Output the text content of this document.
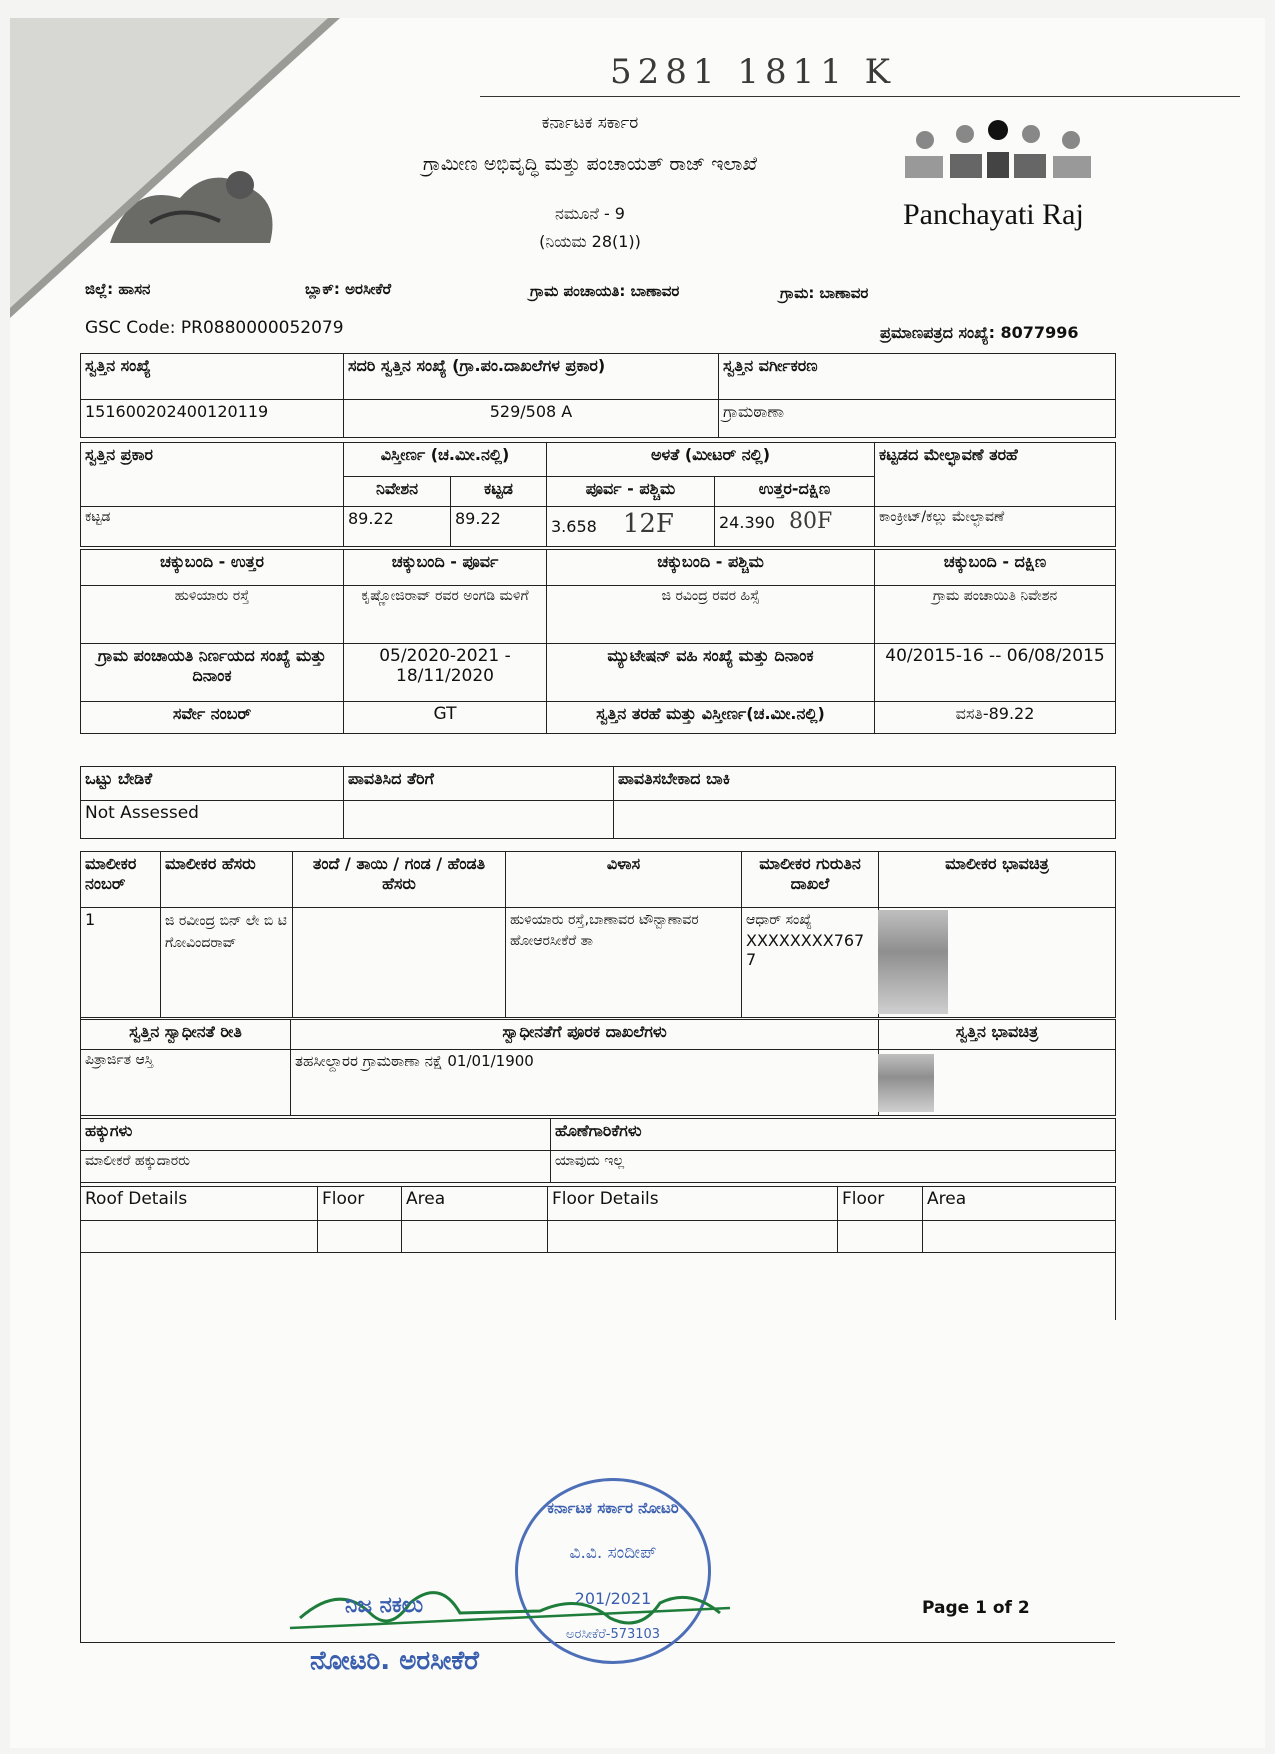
5281 1811 K
ಕರ್ನಾಟಕ ಸರ್ಕಾರ
ಗ್ರಾಮೀಣ ಅಭಿವೃದ್ಧಿ ಮತ್ತು ಪಂಚಾಯತ್ ರಾಜ್ ಇಲಾಖೆ
ನಮೂನೆ - 9
(ನಿಯಮ 28(1))
Panchayati Raj
ಜಿಲ್ಲೆ: ಹಾಸನ	ಬ್ಲಾಕ್: ಅರಸೀಕೆರೆ	ಗ್ರಾಮ ಪಂಚಾಯತಿ: ಬಾಣಾವರ	ಗ್ರಾಮ: ಬಾಣಾವರ
GSC Code: PR0880000052079	ಪ್ರಮಾಣಪತ್ರದ ಸಂಖ್ಯೆ: 8077996
ಸ್ವತ್ತಿನ ಸಂಖ್ಯೆ	ಸದರಿ ಸ್ವತ್ತಿನ ಸಂಖ್ಯೆ (ಗ್ರಾ.ಪಂ.ದಾಖಲೆಗಳ ಪ್ರಕಾರ)	ಸ್ವತ್ತಿನ ವರ್ಗೀಕರಣ
151600202400120119	529/508 A	ಗ್ರಾಮಠಾಣಾ
ಸ್ವತ್ತಿನ ಪ್ರಕಾರ	ವಿಸ್ತೀರ್ಣ (ಚ.ಮೀ.ನಲ್ಲಿ)		ಅಳತೆ (ಮೀಟರ್ ನಲ್ಲಿ)		ಕಟ್ಟಡದ ಮೇಲ್ಛಾವಣೆ ತರಹೆ
	ನಿವೇಶನ	ಕಟ್ಟಡ	ಪೂರ್ವ - ಪಶ್ಚಿಮ	ಉತ್ತರ-ದಕ್ಷಿಣ	
ಕಟ್ಟಡ	89.22	89.22	3.658 12F	24.390 80F	ಕಾಂಕ್ರೀಟ್/ಕಲ್ಲು ಮೇಲ್ಛಾವಣೆ
ಚಕ್ಕುಬಂದಿ - ಉತ್ತರ	ಚಕ್ಕುಬಂದಿ - ಪೂರ್ವ	ಚಕ್ಕುಬಂದಿ - ಪಶ್ಚಿಮ	ಚಕ್ಕುಬಂದಿ - ದಕ್ಷಿಣ
ಹುಳಿಯಾರು ರಸ್ತೆ	ಕೃಷ್ಣೋಜಿರಾವ್ ರವರ ಅಂಗಡಿ ಮಳಿಗೆ	ಜಿ ರವಿಂದ್ರ ರವರ ಹಿಸ್ಸೆ	ಗ್ರಾಮ ಪಂಚಾಯಿತಿ ನಿವೇಶನ
ಗ್ರಾಮ ಪಂಚಾಯತಿ ನಿರ್ಣಯದ ಸಂಖ್ಯೆ ಮತ್ತು ದಿನಾಂಕ	05/2020-2021 - 18/11/2020	ಮ್ಯುಟೇಷನ್ ವಹಿ ಸಂಖ್ಯೆ ಮತ್ತು ದಿನಾಂಕ	40/2015-16 -- 06/08/2015
ಸರ್ವೇ ನಂಬರ್	GT	ಸ್ವತ್ತಿನ ತರಹೆ ಮತ್ತು ವಿಸ್ತೀರ್ಣ(ಚ.ಮೀ.ನಲ್ಲಿ)	ವಸತಿ-89.22
ಒಟ್ಟು ಬೇಡಿಕೆ	ಪಾವತಿಸಿದ ತೆರಿಗೆ	ಪಾವತಿಸಬೇಕಾದ ಬಾಕಿ
Not Assessed		
ಮಾಲೀಕರ ನಂಬರ್	ಮಾಲೀಕರ ಹೆಸರು	ತಂದೆ / ತಾಯಿ / ಗಂಡ / ಹೆಂಡತಿ ಹೆಸರು	ವಿಳಾಸ	ಮಾಲೀಕರ ಗುರುತಿನ ದಾಖಲೆ	ಮಾಲೀಕರ ಭಾವಚಿತ್ರ
1	ಜಿ ರವೀಂದ್ರ ಬಿನ್ ಲೇ ಬಿ ಟಿ ಗೋವಿಂದರಾವ್		ಹುಳಿಯಾರು ರಸ್ತೆ,ಬಾಣಾವರ ಟೌನ್ಬಾಣಾವರ ಹೋಆರಸೀಕೆರೆ ತಾ	ಆಧಾರ್ ಸಂಖ್ಯೆ
XXXXXXXX7677	

ಸ್ವತ್ತಿನ ಸ್ವಾಧೀನತೆ ರೀತಿ	ಸ್ವಾಧೀನತೆಗೆ ಪೂರಕ ದಾಖಲೆಗಳು	ಸ್ವತ್ತಿನ ಭಾವಚಿತ್ರ
ಪಿತ್ರಾರ್ಜಿತ ಆಸ್ತಿ	ತಹಸೀಲ್ದಾರರ ಗ್ರಾಮಠಾಣಾ ನಕ್ಷೆ 01/01/1900	
ಹಕ್ಕುಗಳು	ಹೊಣೆಗಾರಿಕೆಗಳು
ಮಾಲೀಕರೆ ಹಕ್ಕುದಾರರು	ಯಾವುದು ಇಲ್ಲ
Roof Details	Floor	Area	Floor Details	Floor	Area

Page 1 of 2
ಕರ್ನಾಟಕ ಸರ್ಕಾರ ನೋಟರಿ
ವಿ.ವಿ. ಸಂದೀಪ್
201/2021
ಅರಸೀಕೆರೆ-573103
ನಿಜ ನಕಲು
ನೋಟರಿ. ಅರಸೀಕೆರೆ
